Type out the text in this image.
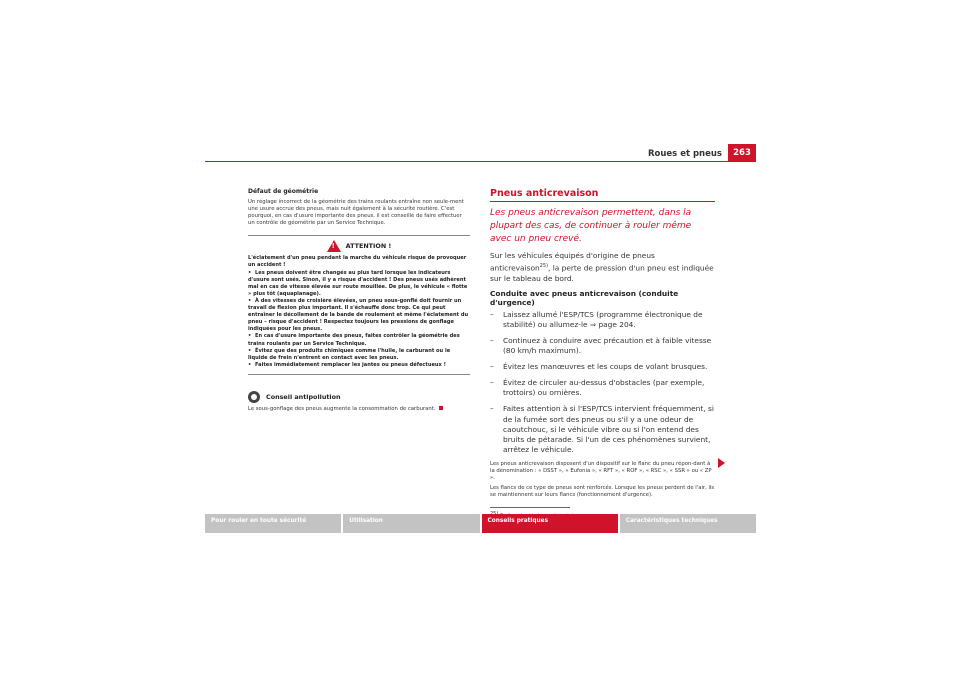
Roues et pneus	263

Défaut de géométrie

Un réglage incorrect de la géométrie des trains roulants entraîne non seule-ment une usure accrue des pneus, mais nuit également à la sécurité routière. C'est pourquoi, en cas d'usure importante des pneus, il est conseillé de faire effectuer un contrôle de géométrie par un Service Technique.

! ATTENTION !

L'éclatement d'un pneu pendant la marche du véhicule risque de provoquer un accident !

• Les pneus doivent être changés au plus tard lorsque les indicateurs d'usure sont usés. Sinon, il y a risque d'accident ! Des pneus usés adhèrent mal en cas de vitesse élevée sur route mouillée. De plus, le véhicule « flotte » plus tôt (aquaplanage).

• À des vitesses de croisière élevées, un pneu sous-gonflé doit fournir un travail de flexion plus important. Il s'échauffe donc trop. Ce qui peut entraîner le décollement de la bande de roulement et même l'éclatement du pneu – risque d'accident ! Respectez toujours les pressions de gonflage indiquées pour les pneus.

• En cas d'usure importante des pneus, faites contrôler la géométrie des trains roulants par un Service Technique.

• Évitez que des produits chimiques comme l'huile, le carburant ou le liquide de frein n'entrent en contact avec les pneus.

• Faites immédiatement remplacer les jantes ou pneus défectueux !

Conseil antipollution

Le sous-gonflage des pneus augmente la consommation de carburant.

Pneus anticrevaison

Les pneus anticrevaison permettent, dans la plupart des cas, de continuer à rouler même avec un pneu crevé.

Sur les véhicules équipés d'origine de pneus anticrevaison$^{25)}$, la perte de pression d'un pneu est indiquée sur le tableau de bord.

Conduite avec pneus anticrevaison (conduite d'urgence)

– Laissez allumé l'ESP/TCS (programme électronique de stabilité) ou allumez-le ⇒ page 204.
– Continuez à conduire avec précaution et à faible vitesse (80 km/h maximum).
– Évitez les manœuvres et les coups de volant brusques.
– Évitez de circuler au-dessus d'obstacles (par exemple, trottoirs) ou ornières.
– Faites attention à si l'ESP/TCS intervient fréquemment, si de la fumée sort des pneus ou s'il y a une odeur de caoutchouc, si le véhicule vibre ou si l'on entend des bruits de pétarade. Si l'un de ces phénomènes survient, arrêtez le véhicule.

Les pneus anticrevaison disposent d'un dispositif sur le flanc du pneu répon-dant à la dénomination : « DSST », « Eufonia », « RFT », « ROF », « RSC », « SSR » ou « ZP ».

Les flancs de ce type de pneus sont renforcés. Lorsque les pneus perdent de l'air, ils se maintiennent sur leurs flancs (fonctionnement d'urgence).

Pour rouler en toute sécurité	Utilisation	Conseils pratiques	Caractéristiques techniques
